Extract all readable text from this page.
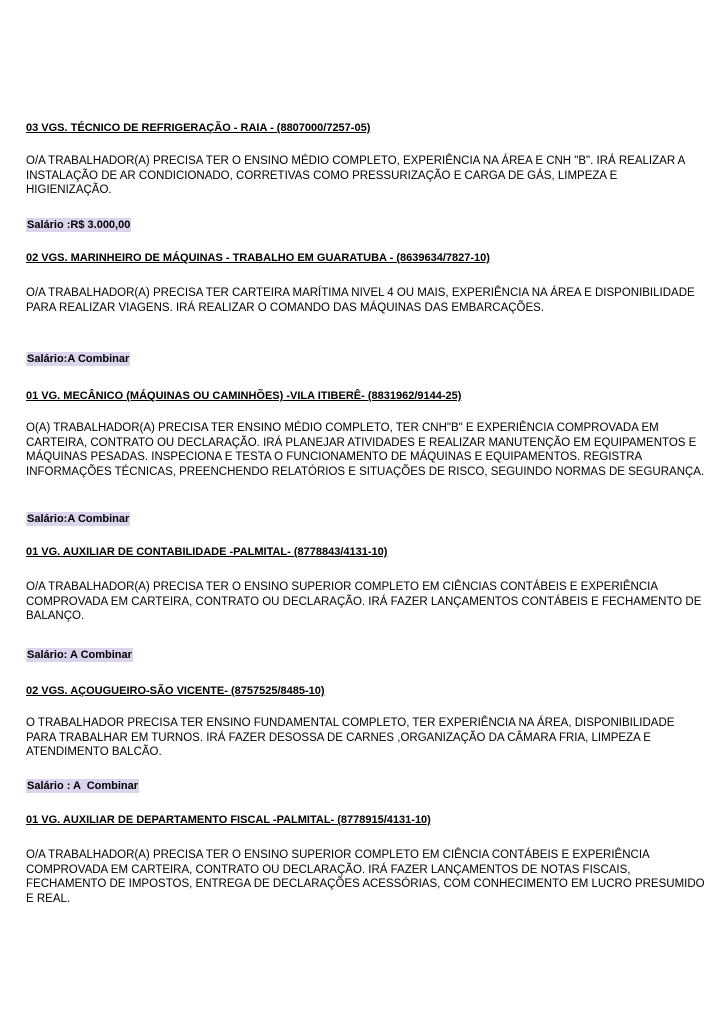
03 VGS. TÉCNICO DE REFRIGERAÇÃO - RAIA - (8807000/7257-05)

O/A TRABALHADOR(A) PRECISA TER O ENSINO MÉDIO COMPLETO, EXPERIÊNCIA NA ÁREA E CNH "B". IRÁ REALIZAR A INSTALAÇÃO DE AR CONDICIONADO, CORRETIVAS COMO PRESSURIZAÇÃO E CARGA DE GÁS, LIMPEZA E HIGIENIZAÇÃO.

Salário :R$ 3.000,00

02 VGS. MARINHEIRO DE MÁQUINAS - TRABALHO EM GUARATUBA - (8639634/7827-10)

O/A TRABALHADOR(A) PRECISA TER CARTEIRA MARÍTIMA NIVEL 4 OU MAIS, EXPERIÊNCIA NA ÁREA E DISPONIBILIDADE PARA REALIZAR VIAGENS. IRÁ REALIZAR O COMANDO DAS MÁQUINAS DAS EMBARCAÇÕES.

Salário:A Combinar

01 VG. MECÂNICO (MÁQUINAS OU CAMINHÕES) -VILA ITIBERÊ- (8831962/9144-25)

O(A) TRABALHADOR(A) PRECISA TER ENSINO MÉDIO COMPLETO, TER CNH"B" E EXPERIÊNCIA COMPROVADA EM CARTEIRA, CONTRATO OU DECLARAÇÃO. IRÁ PLANEJAR ATIVIDADES E REALIZAR MANUTENÇÃO EM EQUIPAMENTOS E MÁQUINAS PESADAS. INSPECIONA E TESTA O FUNCIONAMENTO DE MÁQUINAS E EQUIPAMENTOS. REGISTRA INFORMAÇÕES TÉCNICAS, PREENCHENDO RELATÓRIOS E SITUAÇÕES DE RISCO, SEGUINDO NORMAS DE SEGURANÇA.

Salário:A Combinar

01 VG. AUXILIAR DE CONTABILIDADE -PALMITAL- (8778843/4131-10)

O/A TRABALHADOR(A) PRECISA TER O ENSINO SUPERIOR COMPLETO EM CIÊNCIAS CONTÁBEIS E EXPERIÊNCIA COMPROVADA EM CARTEIRA, CONTRATO OU DECLARAÇÃO. IRÁ FAZER LANÇAMENTOS CONTÁBEIS E FECHAMENTO DE BALANÇO.

Salário: A Combinar

02 VGS. AÇOUGUEIRO-SÃO VICENTE- (8757525/8485-10)

O TRABALHADOR PRECISA TER ENSINO FUNDAMENTAL COMPLETO, TER EXPERIÊNCIA NA ÁREA, DISPONIBILIDADE PARA TRABALHAR EM TURNOS. IRÁ FAZER DESOSSA DE CARNES ,ORGANIZAÇÃO DA CÂMARA FRIA, LIMPEZA E ATENDIMENTO BALCÃO.

Salário : A  Combinar

01 VG. AUXILIAR DE DEPARTAMENTO FISCAL -PALMITAL- (8778915/4131-10)

O/A TRABALHADOR(A) PRECISA TER O ENSINO SUPERIOR COMPLETO EM CIÊNCIA CONTÁBEIS E EXPERIÊNCIA COMPROVADA EM CARTEIRA, CONTRATO OU DECLARAÇÃO. IRÁ FAZER LANÇAMENTOS DE NOTAS FISCAIS, FECHAMENTO DE IMPOSTOS, ENTREGA DE DECLARAÇÕES ACESSÓRIAS, COM CONHECIMENTO EM LUCRO PRESUMIDO E REAL.
